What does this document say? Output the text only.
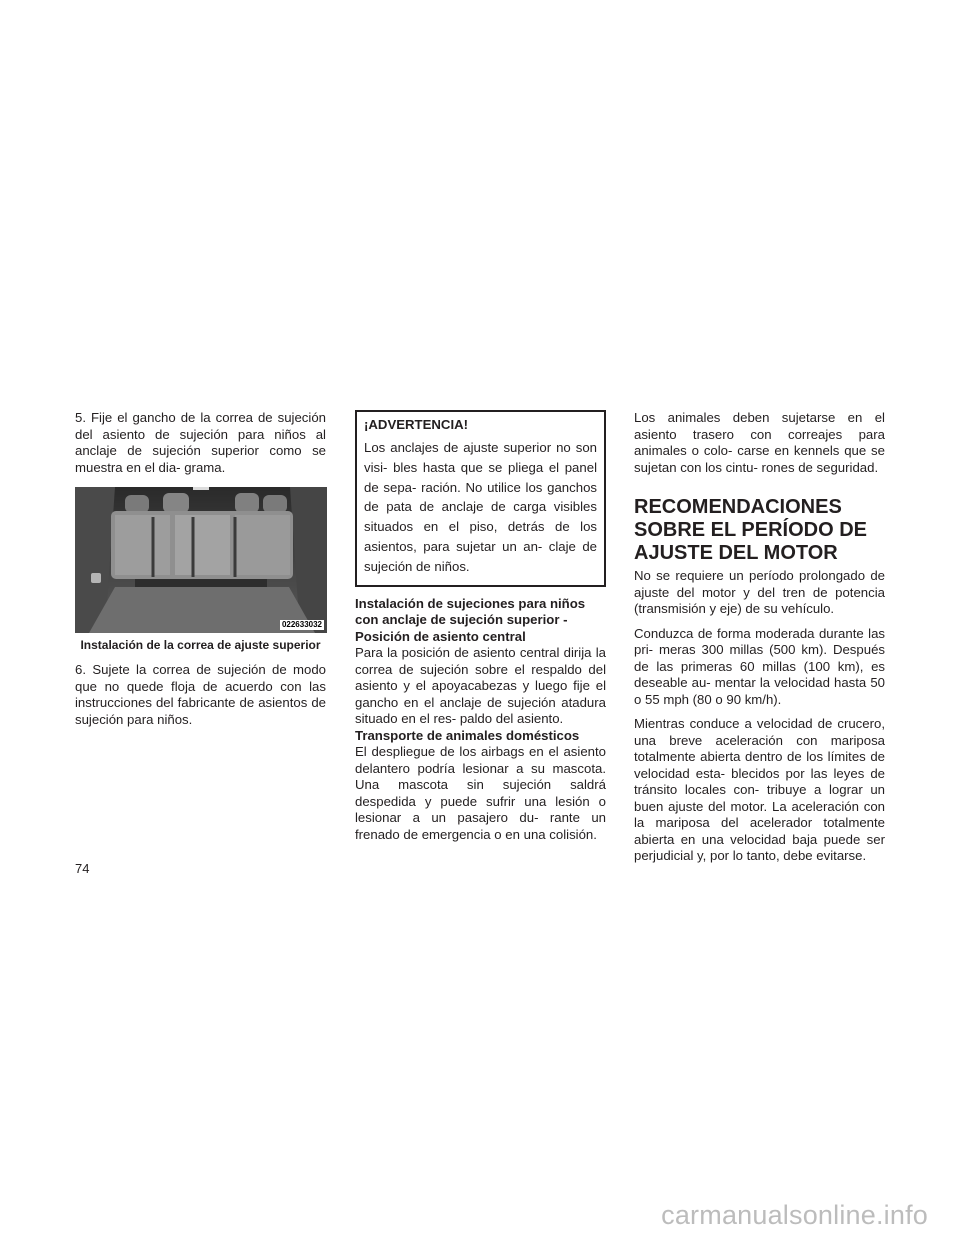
5. Fije el gancho de la correa de sujeción del asiento de sujeción para niños al anclaje de sujeción superior como se muestra en el dia- grama.

022633032
Instalación de la correa de ajuste superior

6. Sujete la correa de sujeción de modo que no quede floja de acuerdo con las instrucciones del fabricante de asientos de sujeción para niños.

¡ADVERTENCIA!

Los anclajes de ajuste superior no son visi- bles hasta que se pliega el panel de sepa- ración. No utilice los ganchos de pata de anclaje de carga visibles situados en el piso, detrás de los asientos, para sujetar un an- claje de sujeción de niños.

Instalación de sujeciones para niños con anclaje de sujeción superior - Posición de asiento central

Para la posición de asiento central dirija la correa de sujeción sobre el respaldo del asiento y el apoyacabezas y luego fije el gancho en el anclaje de sujeción atadura situado en el res- paldo del asiento.

Transporte de animales domésticos

El despliegue de los airbags en el asiento delantero podría lesionar a su mascota. Una mascota sin sujeción saldrá despedida y puede sufrir una lesión o lesionar a un pasajero du- rante un frenado de emergencia o en una colisión.

Los animales deben sujetarse en el asiento trasero con correajes para animales o colo- carse en kennels que se sujetan con los cintu- rones de seguridad.

RECOMENDACIONES SOBRE EL PERÍODO DE AJUSTE DEL MOTOR

No se requiere un período prolongado de ajuste del motor y del tren de potencia (transmisión y eje) de su vehículo.

Conduzca de forma moderada durante las pri- meras 300 millas (500 km). Después de las primeras 60 millas (100 km), es deseable au- mentar la velocidad hasta 50 o 55 mph (80 o 90 km/h).

Mientras conduce a velocidad de crucero, una breve aceleración con mariposa totalmente abierta dentro de los límites de velocidad esta- blecidos por las leyes de tránsito locales con- tribuye a lograr un buen ajuste del motor. La aceleración con la mariposa del acelerador totalmente abierta en una velocidad baja puede ser perjudicial y, por lo tanto, debe evitarse.

74
carmanualsonline.info
